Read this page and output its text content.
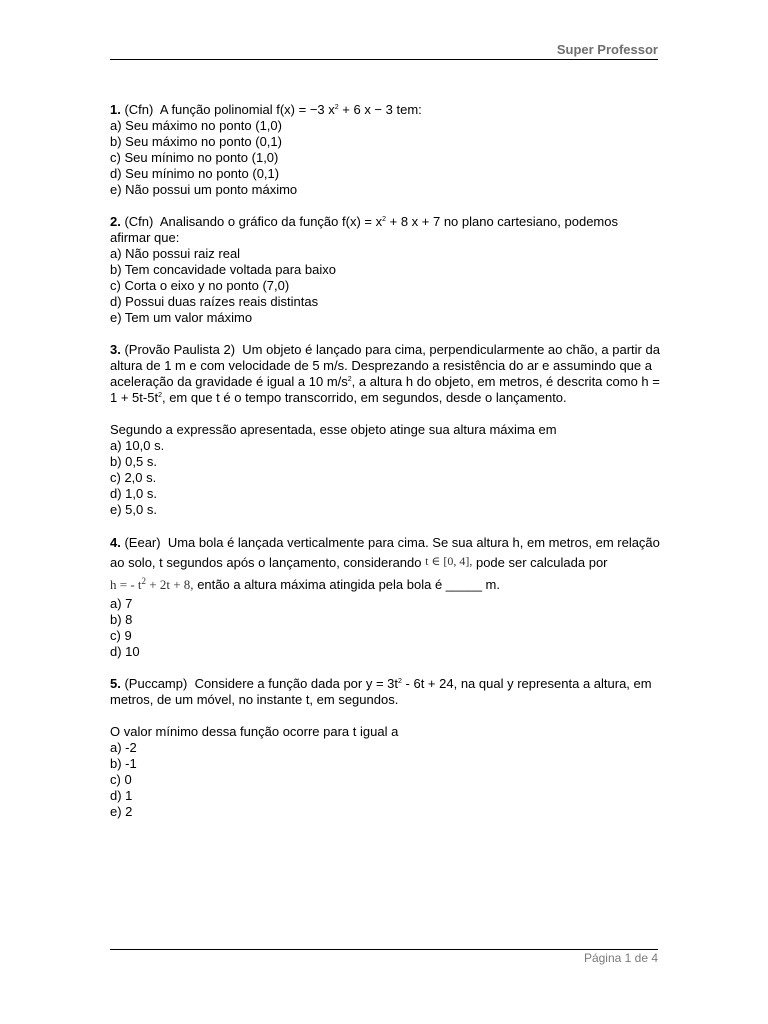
Super Professor

1. (Cfn) A função polinomial f(x) = −3 $x^2 + 6$ x − 3 tem:

a) Seu máximo no ponto (1,0)
b) Seu máximo no ponto (0,1)
c) Seu mínimo no ponto (1,0)
d) Seu mínimo no ponto (0,1)
e) Não possui um ponto máximo

2. (Cfn) Analisando o gráfico da função $f(x) = x^2 + 8$ x + 7 no plano cartesiano, podemos afirmar que:

a) Não possui raiz real
b) Tem concavidade voltada para baixo
c) Corta o eixo y no ponto (7,0)
d) Possui duas raízes reais distintas
e) Tem um valor máximo

3. (Provão Paulista 2) Um objeto é lançado para cima, perpendicularmente ao chão, a partir da altura de 1 m e com velocidade de 5 m/s. Desprezando a resistência do ar e assumindo que a aceleração da gravidade é igual a 10 $m/s^2$, a altura h do objeto, em metros, é descrita como $h = 1 + 5t-5t^2$, em que t é o tempo transcorrido, em segundos, desde o lançamento.

Segundo a expressão apresentada, esse objeto atinge sua altura máxima em

a) 10,0 s.
b) 0,5 s.
c) 2,0 s.
d) 1,0 s.
e) 5,0 s.

4. (Eear) Uma bola é lançada verticalmente para cima. Se sua altura h, em metros, em relação ao solo, t segundos após o lançamento, considerando t ∈ [0, 4], pode ser calculada por

h = - $t^2 + 2t + 8$, então a altura máxima atingida pela bola é _____ m.

a) 7
b) 8
c) 9
d) 10

5. (Puccamp) Considere a função dada por $y = 3t^2 - 6t + 24$, na qual y representa a altura, em metros, de um móvel, no instante t, em segundos.

O valor mínimo dessa função ocorre para t igual a

a) -2
b) -1
c) 0
d) 1
e) 2
Página 1 de 4
